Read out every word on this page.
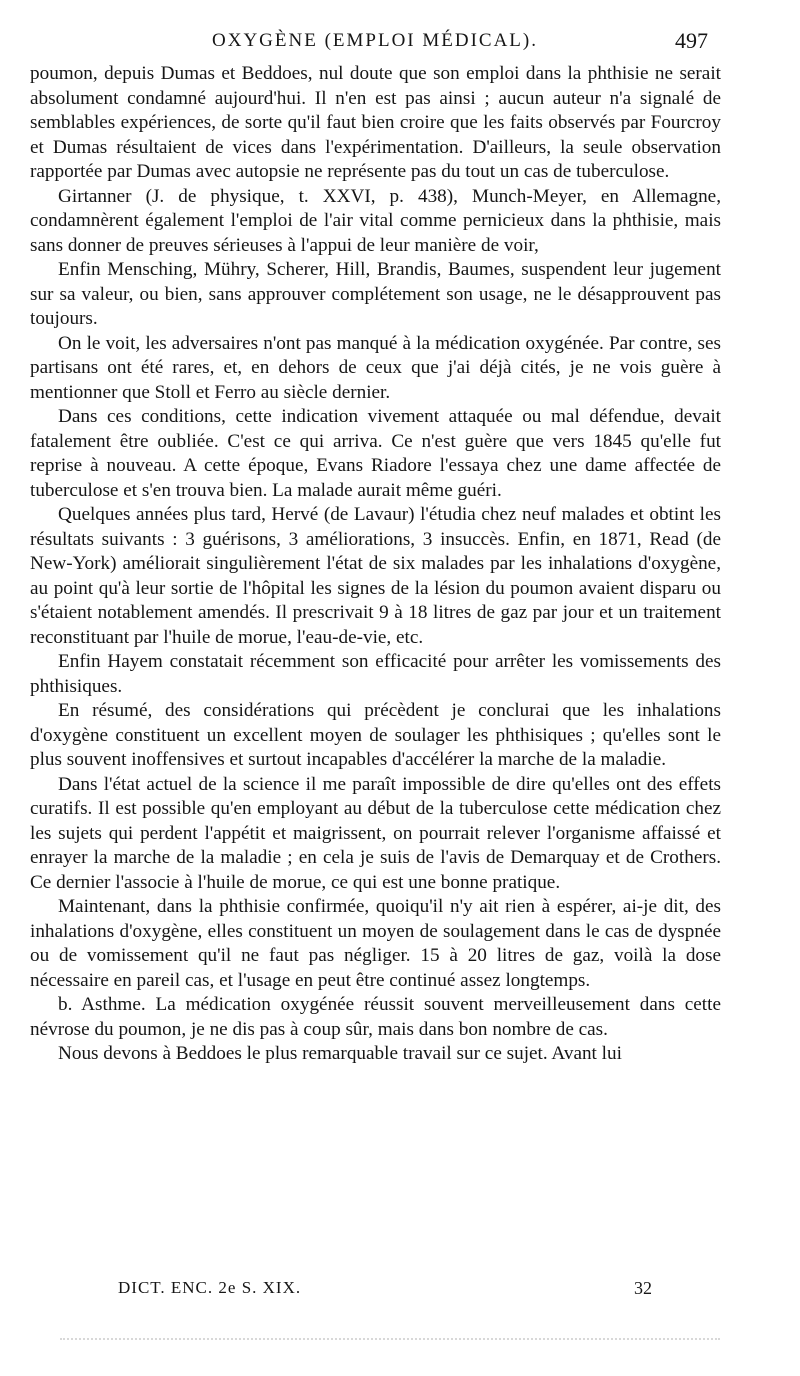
OXYGÈNE (EMPLOI MÉDICAL).	497

poumon, depuis Dumas et Beddoes, nul doute que son emploi dans la phthisie ne serait absolument condamné aujourd'hui. Il n'en est pas ainsi ; aucun auteur n'a signalé de semblables expériences, de sorte qu'il faut bien croire que les faits observés par Fourcroy et Dumas résultaient de vices dans l'expérimentation. D'ailleurs, la seule observation rapportée par Dumas avec autopsie ne représente pas du tout un cas de tuberculose.

Girtanner (J. de physique, t. XXVI, p. 438), Munch-Meyer, en Allemagne, condamnèrent également l'emploi de l'air vital comme pernicieux dans la phthisie, mais sans donner de preuves sérieuses à l'appui de leur manière de voir,

Enfin Mensching, Mühry, Scherer, Hill, Brandis, Baumes, suspendent leur jugement sur sa valeur, ou bien, sans approuver complétement son usage, ne le désapprouvent pas toujours.

On le voit, les adversaires n'ont pas manqué à la médication oxygénée. Par contre, ses partisans ont été rares, et, en dehors de ceux que j'ai déjà cités, je ne vois guère à mentionner que Stoll et Ferro au siècle dernier.

Dans ces conditions, cette indication vivement attaquée ou mal défendue, devait fatalement être oubliée. C'est ce qui arriva. Ce n'est guère que vers 1845 qu'elle fut reprise à nouveau. A cette époque, Evans Riadore l'essaya chez une dame affectée de tuberculose et s'en trouva bien. La malade aurait même guéri.

Quelques années plus tard, Hervé (de Lavaur) l'étudia chez neuf malades et obtint les résultats suivants : 3 guérisons, 3 améliorations, 3 insuccès. Enfin, en 1871, Read (de New-York) améliorait singulièrement l'état de six malades par les inhalations d'oxygène, au point qu'à leur sortie de l'hôpital les signes de la lésion du poumon avaient disparu ou s'étaient notablement amendés. Il prescrivait 9 à 18 litres de gaz par jour et un traitement reconstituant par l'huile de morue, l'eau-de-vie, etc.

Enfin Hayem constatait récemment son efficacité pour arrêter les vomissements des phthisiques.

En résumé, des considérations qui précèdent je conclurai que les inhalations d'oxygène constituent un excellent moyen de soulager les phthisiques ; qu'elles sont le plus souvent inoffensives et surtout incapables d'accélérer la marche de la maladie.

Dans l'état actuel de la science il me paraît impossible de dire qu'elles ont des effets curatifs. Il est possible qu'en employant au début de la tuberculose cette médication chez les sujets qui perdent l'appétit et maigrissent, on pourrait relever l'organisme affaissé et enrayer la marche de la maladie ; en cela je suis de l'avis de Demarquay et de Crothers. Ce dernier l'associe à l'huile de morue, ce qui est une bonne pratique.

Maintenant, dans la phthisie confirmée, quoiqu'il n'y ait rien à espérer, ai-je dit, des inhalations d'oxygène, elles constituent un moyen de soulagement dans le cas de dyspnée ou de vomissement qu'il ne faut pas négliger. 15 à 20 litres de gaz, voilà la dose nécessaire en pareil cas, et l'usage en peut être continué assez longtemps.

b. Asthme. La médication oxygénée réussit souvent merveilleusement dans cette névrose du poumon, je ne dis pas à coup sûr, mais dans bon nombre de cas.

Nous devons à Beddoes le plus remarquable travail sur ce sujet. Avant lui

DICT. ENC. 2e S. XIX.	32
